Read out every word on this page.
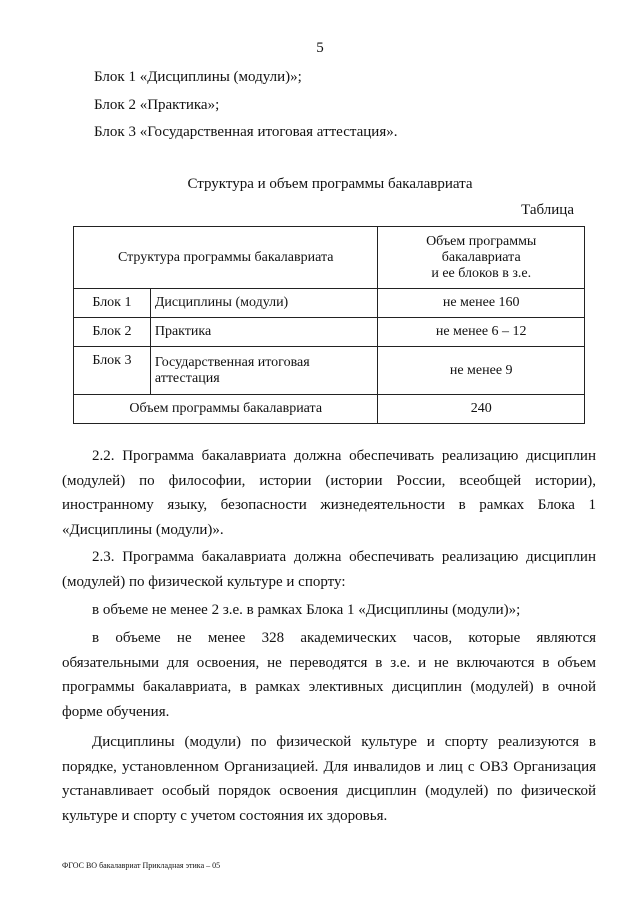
5
Блок 1 «Дисциплины (модули)»;
Блок 2 «Практика»;
Блок 3 «Государственная итоговая аттестация».
Структура и объем программы бакалавриата
Таблица
Структура программы бакалавриата		Объем программы
бакалавриата
и ее блоков в з.е.
Блок 1	Дисциплины (модули)	не менее 160
Блок 2	Практика	не менее 6 – 12
Блок 3	Государственная итоговая аттестация	не менее 9
Объем программы бакалавриата		240

2.2. Программа бакалавриата должна обеспечивать реализацию дисциплин (модулей) по философии, истории (истории России, всеобщей истории), иностранному языку, безопасности жизнедеятельности в рамках Блока 1 «Дисциплины (модули)».

2.3. Программа бакалавриата должна обеспечивать реализацию дисциплин (модулей) по физической культуре и спорту:

в объеме не менее 2 з.е. в рамках Блока 1 «Дисциплины (модули)»;

в объеме не менее 328 академических часов, которые являются обязательными для освоения, не переводятся в з.е. и не включаются в объем программы бакалавриата, в рамках элективных дисциплин (модулей) в очной форме обучения.

Дисциплины (модули) по физической культуре и спорту реализуются в порядке, установленном Организацией. Для инвалидов и лиц с ОВЗ Организация устанавливает особый порядок освоения дисциплин (модулей) по физической культуре и спорту с учетом состояния их здоровья.

ФГОС ВО бакалавриат Прикладная этика – 05
